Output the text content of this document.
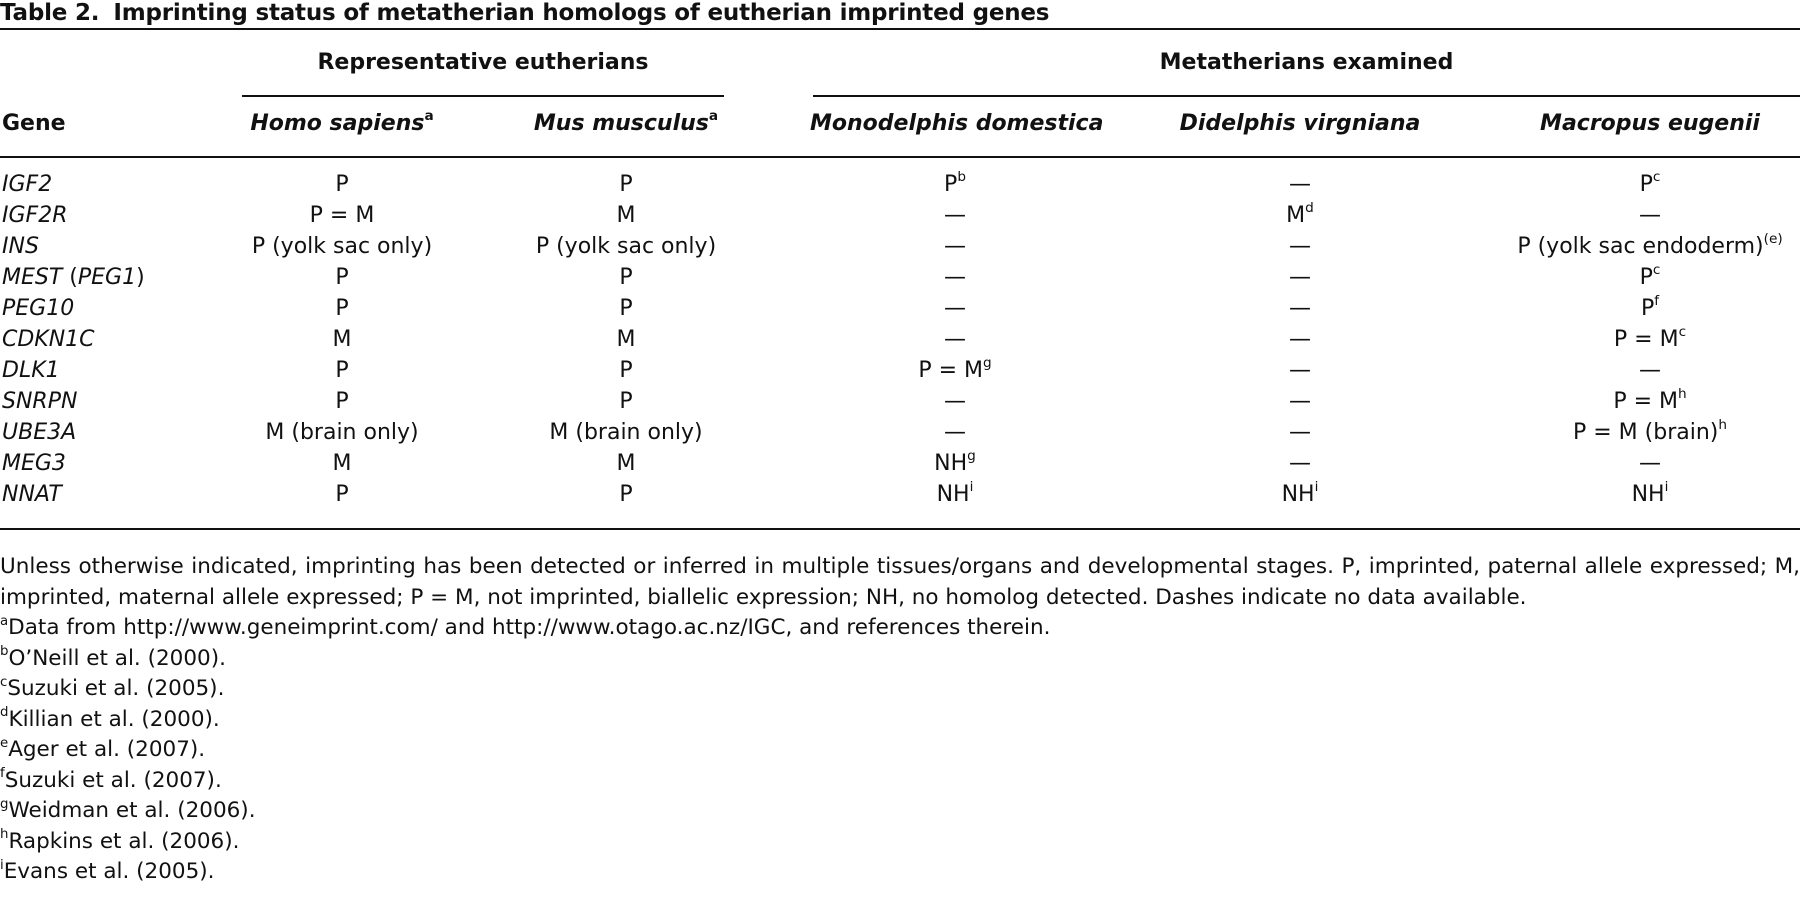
Table 2. Imprinting status of metatherian homologs of eutherian imprinted genes
Representative eutherians	Metatherians examined
Gene	Homo sapiens$^a$	Mus musculus$^a$	Monodelphis domestica	Didelphis virgniana	Macropus eugenii
IGF2	P	P	$P^b$	—	$P^c$
IGF2R	P = M	M	—	$M^d$	—
INS	P (yolk sac only)	P (yolk sac only)	—	—	P (yolk sac endoderm)$^{(e)}$
MEST (PEG1)	P	P	—	—	$P^c$
PEG10	P	P	—	—	$P^f$
CDKN1C	M	M	—	—	$P = M^c$
DLK1	P	P	$P = M^g$	—	—
SNRPN	P	P	—	—	$P = M^h$
UBE3A	M (brain only)	M (brain only)	—	—	P = M (brain)$^h$
MEG3	M	M	$NH^g$	—	—
NNAT	P	P	$NH^i$	$NH^i$	$NH^i$

Unless otherwise indicated, imprinting has been detected or inferred in multiple tissues/organs and developmental stages. P, imprinted, paternal allele expressed; M, imprinted, maternal allele expressed; P = M, not imprinted, biallelic expression; NH, no homolog detected. Dashes indicate no data available.

$^a$Data from http://www.geneimprint.com/ and http://www.otago.ac.nz/IGC, and references therein.

$^b$O’Neill et al. (2000).

$^c$Suzuki et al. (2005).

$^d$Killian et al. (2000).

$^e$Ager et al. (2007).

$^f$Suzuki et al. (2007).

$^g$Weidman et al. (2006).

$^h$Rapkins et al. (2006).

$^i$Evans et al. (2005).
